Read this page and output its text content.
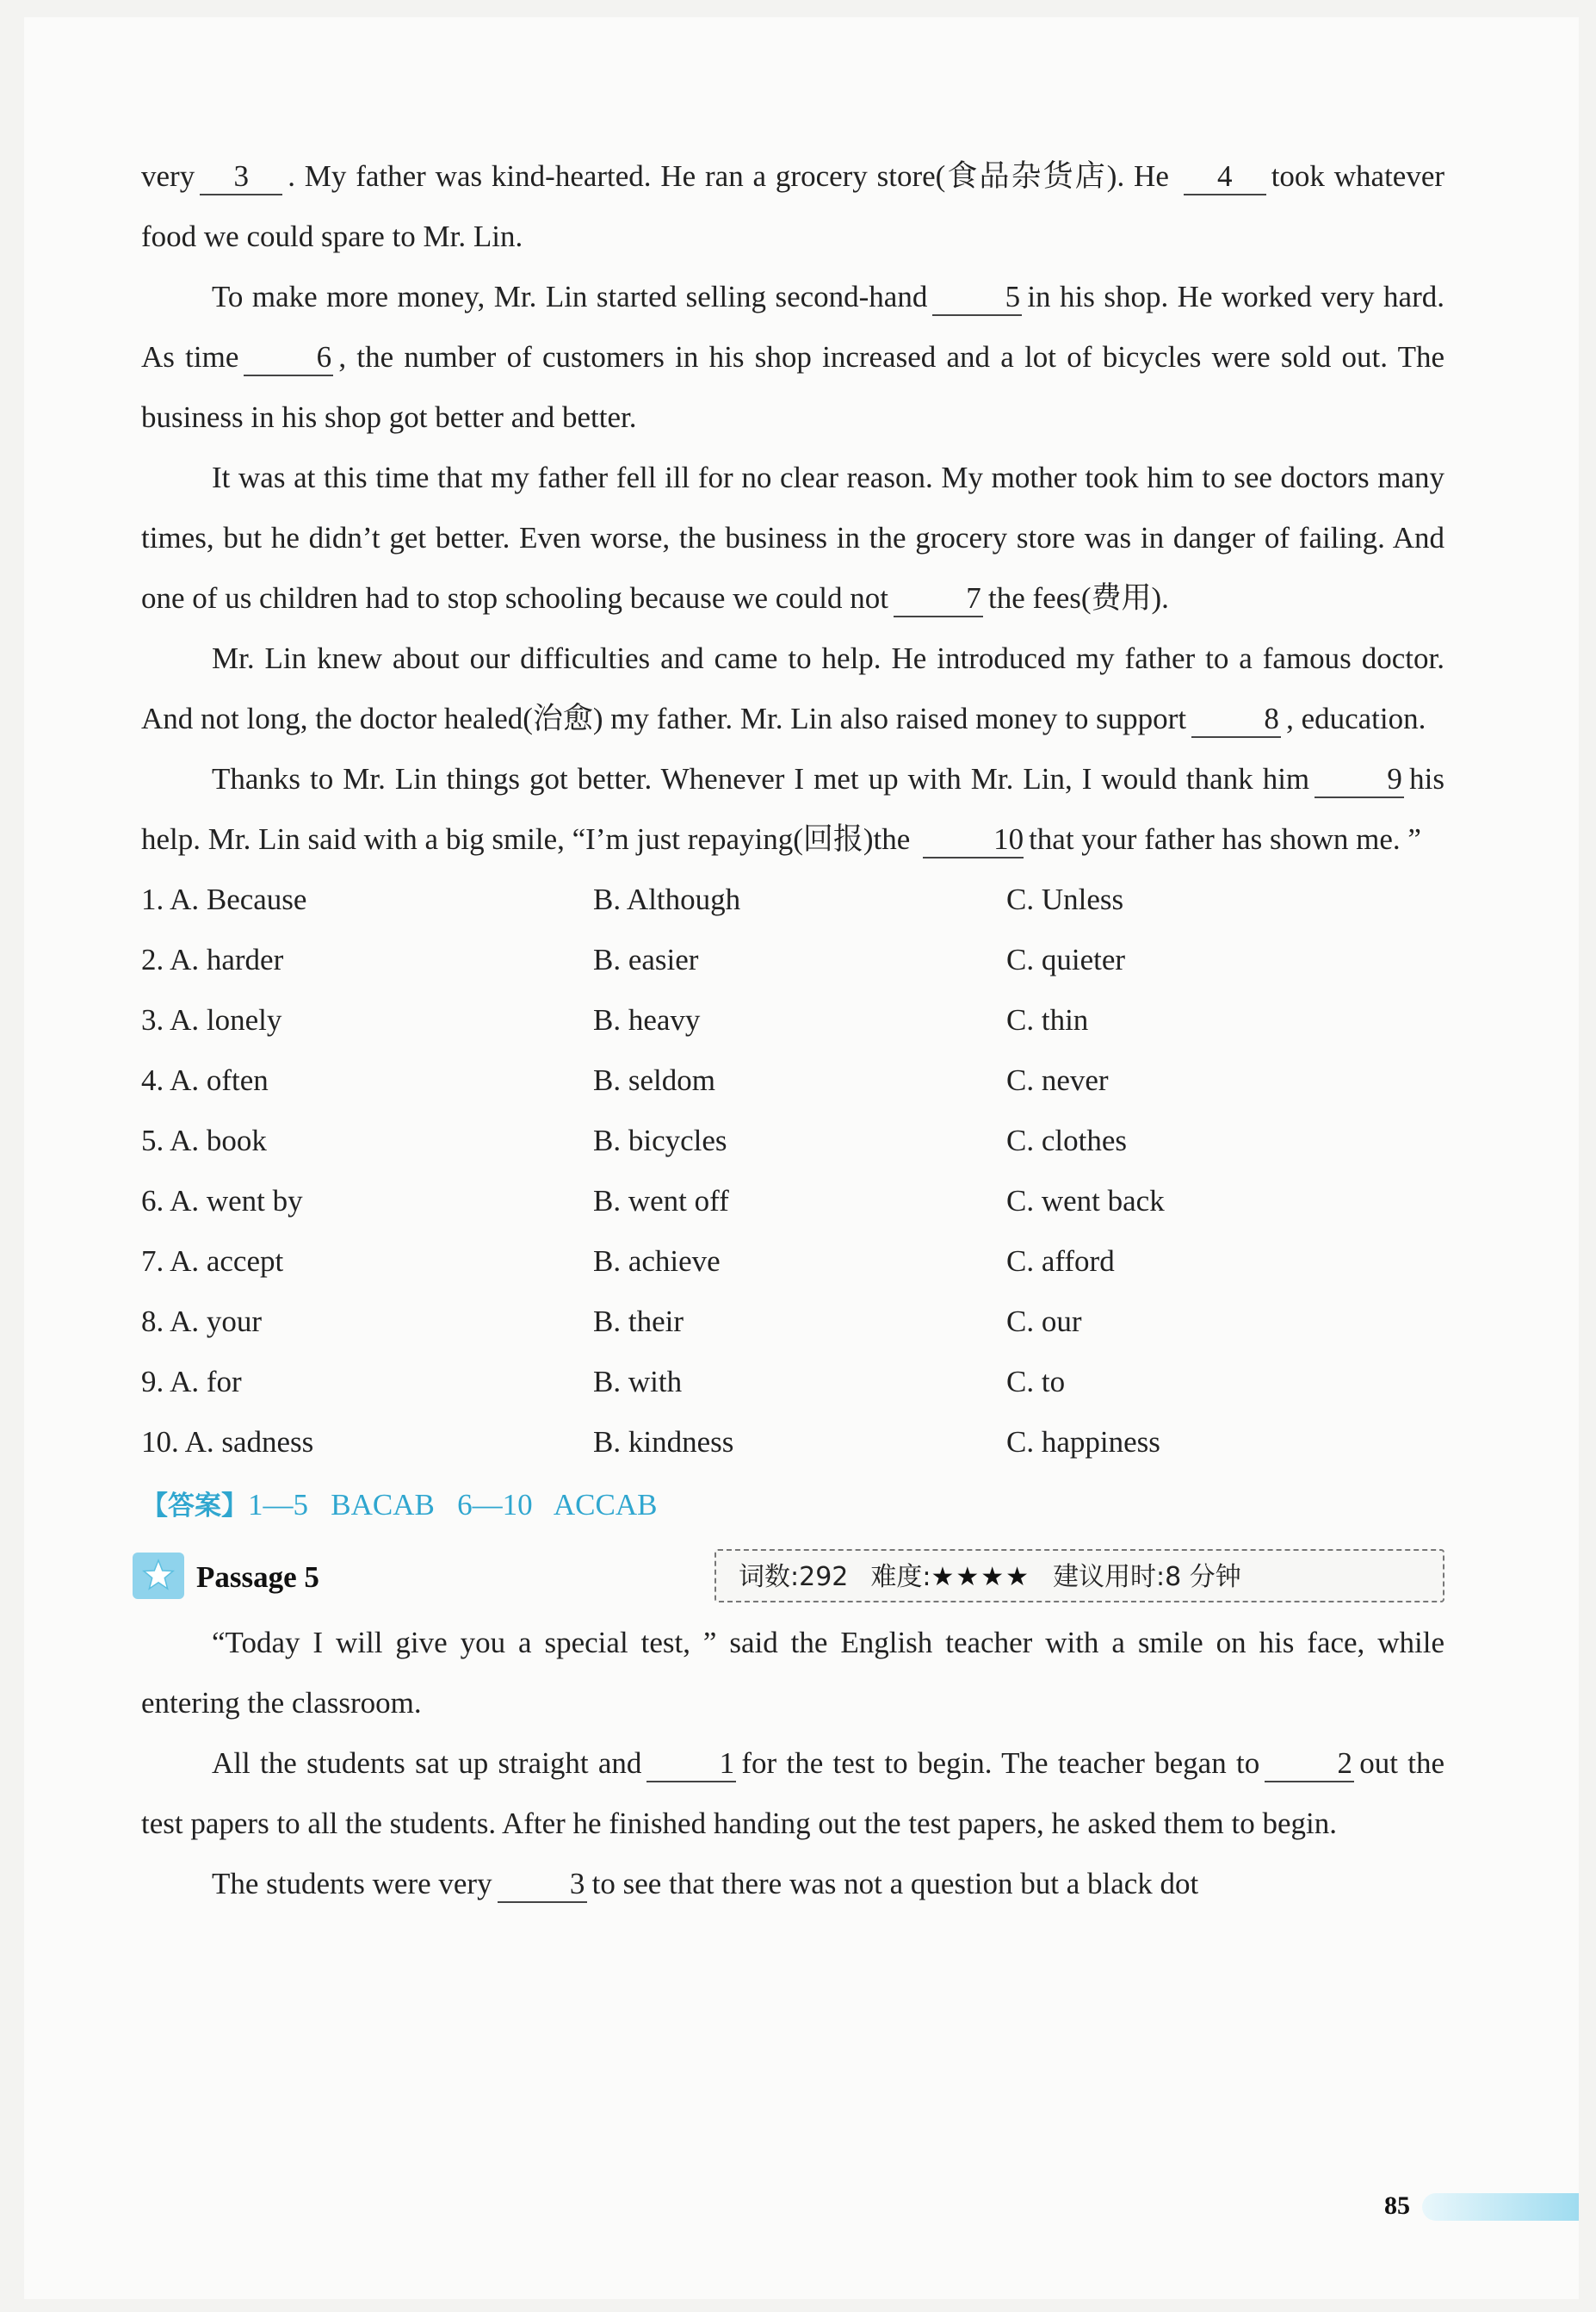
very 3 . My father was kind-hearted. He ran a grocery store(食品杂货店). He 4 took whatever food we could spare to Mr. Lin.

To make more money, Mr. Lin started selling second-hand	5 in his shop. He worked very hard. As time	6 , the number of customers in his shop increased and a lot of bicycles were sold out. The business in his shop got better and better.

It was at this time that my father fell ill for no clear reason. My mother took him to see doctors many times, but he didn’t get better. Even worse, the business in the grocery store was in danger of failing. And one of us children had to stop schooling because we could not	7 the fees(费用).

Mr. Lin knew about our difficulties and came to help. He introduced my father to a famous doctor. And not long, the doctor healed(治愈) my father. Mr. Lin also raised money to support	8 , education.

Thanks to Mr. Lin things got better. Whenever I met up with Mr. Lin, I would thank him	9 his help. Mr. Lin said with a big smile, “I’m just repaying(回报)the	10 that your father has shown me. ”

1. A. Because	B. Although	C. Unless
2. A. harder	B. easier	C. quieter
3. A. lonely	B. heavy	C. thin
4. A. often	B. seldom	C. never
5. A. book	B. bicycles	C. clothes
6. A. went by	B. went off	C. went back
7. A. accept	B. achieve	C. afford
8. A. your	B. their	C. our
9. A. for	B. with	C. to
10. A. sadness	B. kindness	C. happiness
【答案】1—5   BACAB   6—10   ACCAB
Passage 5	词数:292 难度:★★★★ 建议用时:8 分钟

“Today I will give you a special test, ” said the English teacher with a smile on his face, while entering the classroom.

All the students sat up straight and	1 for the test to begin. The teacher began to	2 out the test papers to all the students. After he finished handing out the test papers, he asked them to begin.

The students were very	3 to see that there was not a question but a black dot

85
